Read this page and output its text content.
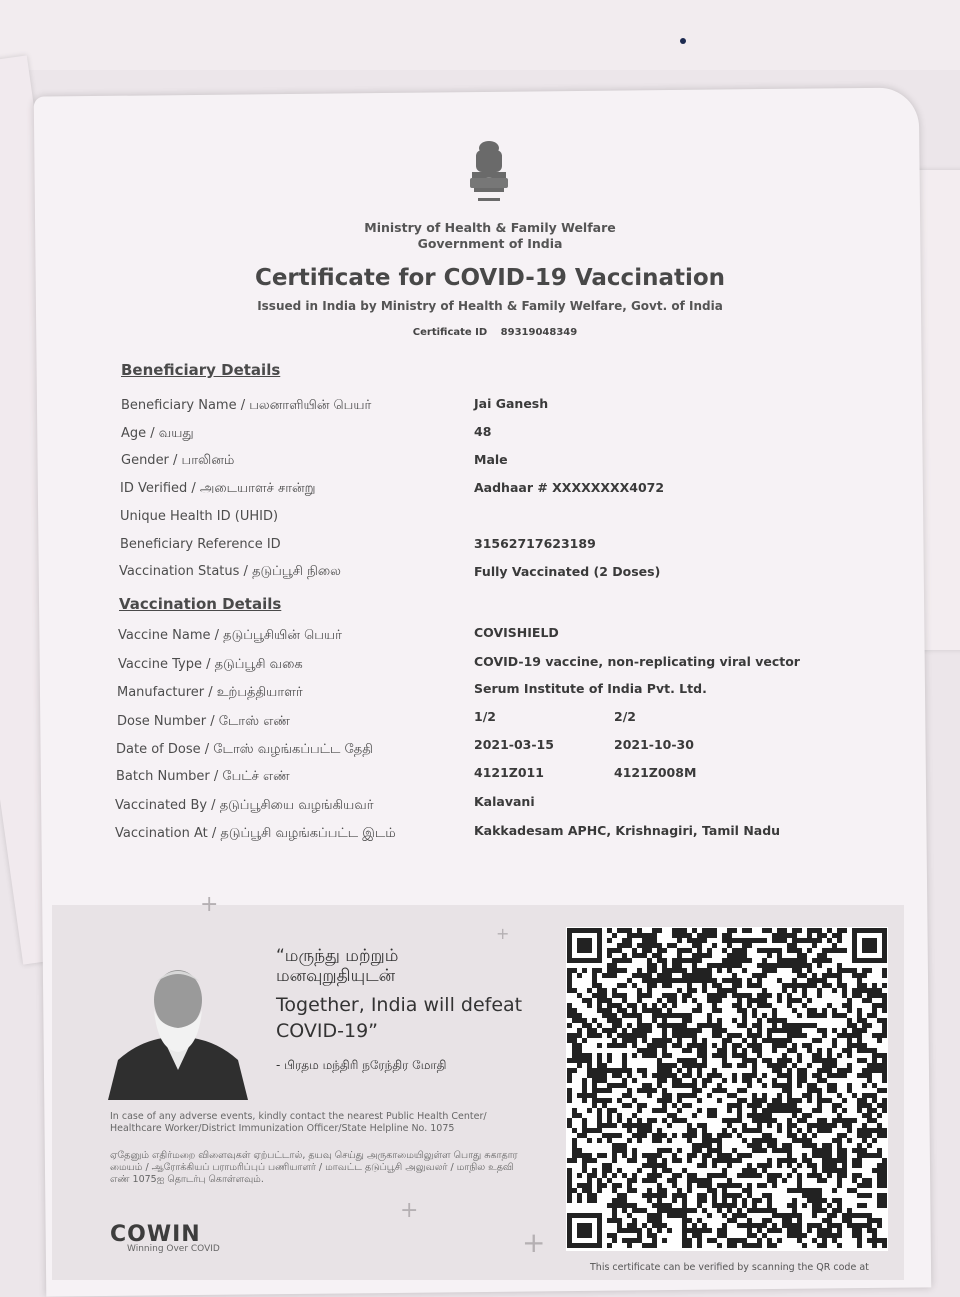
Ministry of Health & Family Welfare
Government of India
Certificate for COVID-19 Vaccination
Issued in India by Ministry of Health & Family Welfare, Govt. of India
Certificate ID 89319048349
Beneficiary Details
Beneficiary Name / பலனாளியின் பெயர்	Jai Ganesh
Age / வயது	48
Gender / பாலினம்	Male
ID Verified / அடையாளச் சான்று	Aadhaar # XXXXXXXX4072
Unique Health ID (UHID)
Beneficiary Reference ID	31562717623189
Vaccination Status / தடுப்பூசி நிலை	Fully Vaccinated (2 Doses)
Vaccination Details
Vaccine Name / தடுப்பூசியின் பெயர்	COVISHIELD
Vaccine Type / தடுப்பூசி வகை	COVID-19 vaccine, non-replicating viral vector
Manufacturer / உற்பத்தியாளர்	Serum Institute of India Pvt. Ltd.
Dose Number / டோஸ் எண்	1/2	2/2
Date of Dose / டோஸ் வழங்கப்பட்ட தேதி	2021-03-15	2021-10-30
Batch Number / பேட்ச் எண்	4121Z011	4121Z008M
Vaccinated By / தடுப்பூசியை வழங்கியவர்	Kalavani
Vaccination At / தடுப்பூசி வழங்கப்பட்ட இடம்	Kakkadesam APHC, Krishnagiri, Tamil Nadu
“மருந்து மற்றும் மனவுறுதியுடன்
Together, India will defeat COVID-19”
- பிரதம மந்திரி நரேந்திர மோதி
In case of any adverse events, kindly contact the nearest Public Health Center/ Healthcare Worker/District Immunization Officer/State Helpline No. 1075
ஏதேனும் எதிர்மறை விளைவுகள் ஏற்பட்டால், தயவு செய்து அருகாமையிலுள்ள பொது சுகாதார மையம் / ஆரோக்கியப் பராமரிப்புப் பணியாளர் / மாவட்ட தடுப்பூசி அலுவலர் / மாநில உதவி எண் 1075ஐ தொடர்பு கொள்ளவும்.
COWIN
Winning Over COVID
+
+
+
+
This certificate can be verified by scanning the QR code at
